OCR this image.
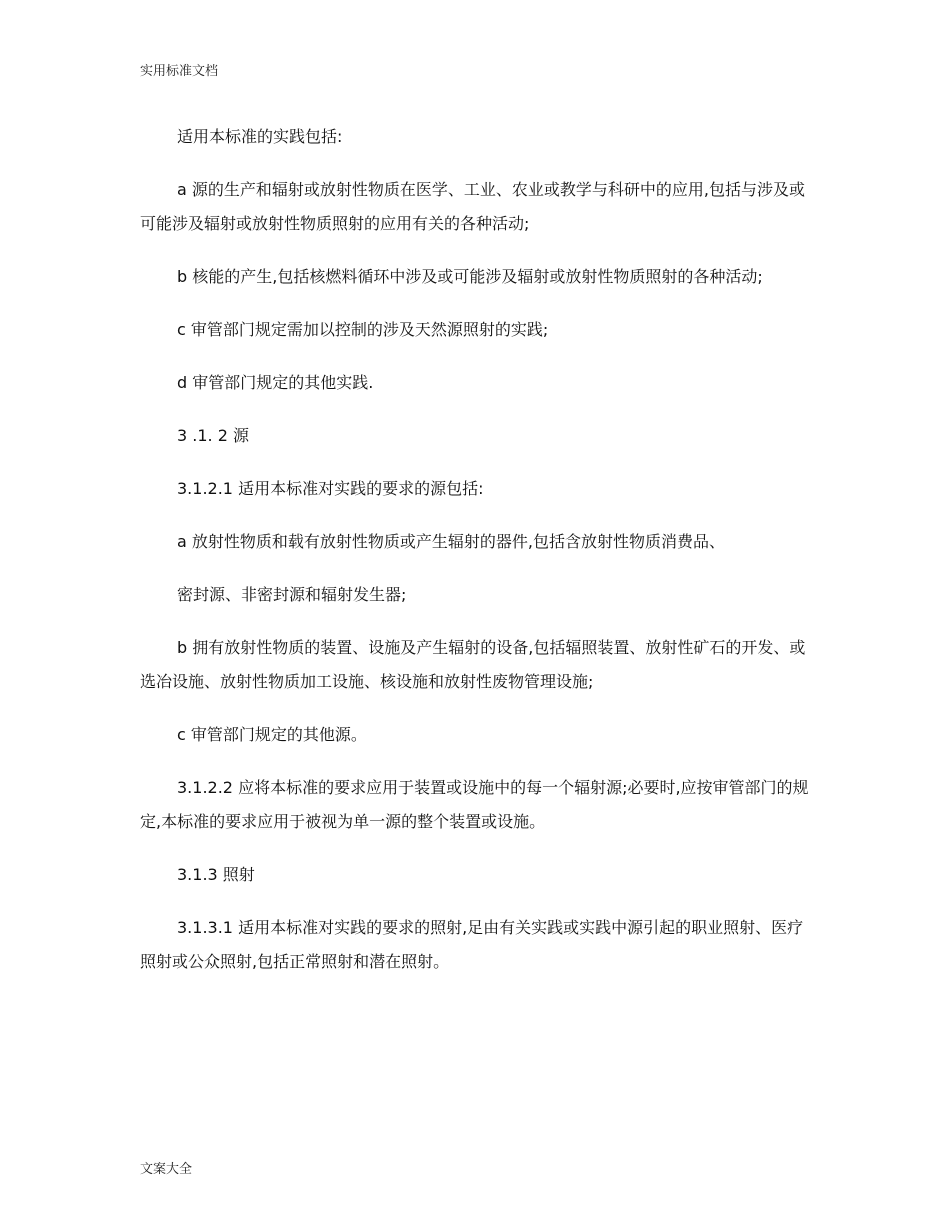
实用标准文档

适用本标准的实践包括:

a 源的生产和辐射或放射性物质在医学、工业、农业或教学与科研中的应用,包括与涉及或可能涉及辐射或放射性物质照射的应用有关的各种活动;

b 核能的产生,包括核燃料循环中涉及或可能涉及辐射或放射性物质照射的各种活动;

c 审管部门规定需加以控制的涉及天然源照射的实践;

d 审管部门规定的其他实践.

3 .1. 2 源

3.1.2.1 适用本标准对实践的要求的源包括:

a 放射性物质和载有放射性物质或产生辐射的器件,包括含放射性物质消费品、

密封源、非密封源和辐射发生器;

b 拥有放射性物质的装置、设施及产生辐射的设备,包括辐照装置、放射性矿石的开发、或选冶设施、放射性物质加工设施、核设施和放射性废物管理设施;

c 审管部门规定的其他源。

3.1.2.2 应将本标准的要求应用于装置或设施中的每一个辐射源;必要时,应按审管部门的规定,本标准的要求应用于被视为单一源的整个装置或设施。

3.1.3 照射

3.1.3.1 适用本标准对实践的要求的照射,足由有关实践或实践中源引起的职业照射、医疗照射或公众照射,包括正常照射和潜在照射。

文案大全
